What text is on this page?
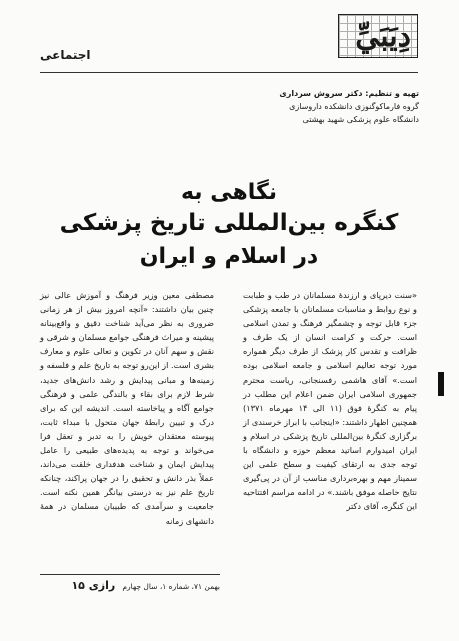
دِيَبَيِّ
اجتماعی
تهیه و تنظیم: دکتر سروش سرداری
گروه فارماکوگنوزی دانشکده داروسازی
دانشگاه علوم پزشکی شهید بهشتی
نگاهی به
کنگره بین‌المللی تاریخ پزشکی
در اسلام و ایران

«سنت دیرپای و ارزنده‌ٔ مسلمانان در طب و طبابت و نوع روابط و مناسبات مسلمانان با جامعه پزشکی جزء قابل توجه و چشمگیر فرهنگ و تمدن اسلامی است. حرکت و کرامت انسان از یک طرف و ظرافت و تقدس کار پزشک از طرف دیگر همواره مورد توجه تعالیم اسلامی و جامعه اسلامی بوده است.» آقای هاشمی رفسنجانی، ریاست محترم جمهوری اسلامی ایران ضمن اعلام این مطلب در پیام به کنگرهٔ فوق (۱۱ الی ۱۴ مهرماه ۱۳۷۱) همچنین اظهار داشتند: «اینجانب با ابراز خرسندی از برگزاری کنگرهٔ بین‌المللی تاریخ پزشکی در اسلام و ایران امیدوارم اساتید معظم حوزه و دانشگاه با توجه جدی به ارتقای کیفیت و سطح علمی این سمینار مهم و بهره‌برداری مناسب از آن در پی‌گیری نتایج حاصله موفق باشند.» در ادامه مراسم افتتاحیه این کنگره، آقای دکتر

مصطفی معین وزیر فرهنگ و آموزش عالی نیز چنین بیان داشتند: «آنچه امروز بیش از هر زمانی ضروری به نظر می‌آید شناخت دقیق و واقع‌بینانه پیشینه و میراث فرهنگی جوامع مسلمان و شرقی و نقش و سهم آنان در تکوین و تعالی علوم و معارف بشری است. از این‌رو توجه به تاریخ علم و فلسفه و زمینه‌ها و مبانی پیدایش و رشد دانش‌های جدید، شرط لازم برای بقاء و بالندگی علمی و فرهنگی جوامع آگاه و پیاخاسته است. اندیشه این که برای درک و تبیین رابطهٔ جهان متحول با مبداء ثابت، پیوسته معتقدان خویش را به تدبر و تعقل فرا می‌خواند و توجه به پدیده‌های طبیعی را عامل پیدایش ایمان و شناخت هدفداری خلقت می‌داند، عملاً بذر دانش و تحقیق را در جهان پراکند، چنانکه تاریخ علم نیز به درستی بیانگر همین نکته است. جامعیت و سرآمدی که طبیبان مسلمان در همهٔ دانشهای زمانه

بهمن ۷۱، شماره ۱، سال چهارم   رازی ۱۵
